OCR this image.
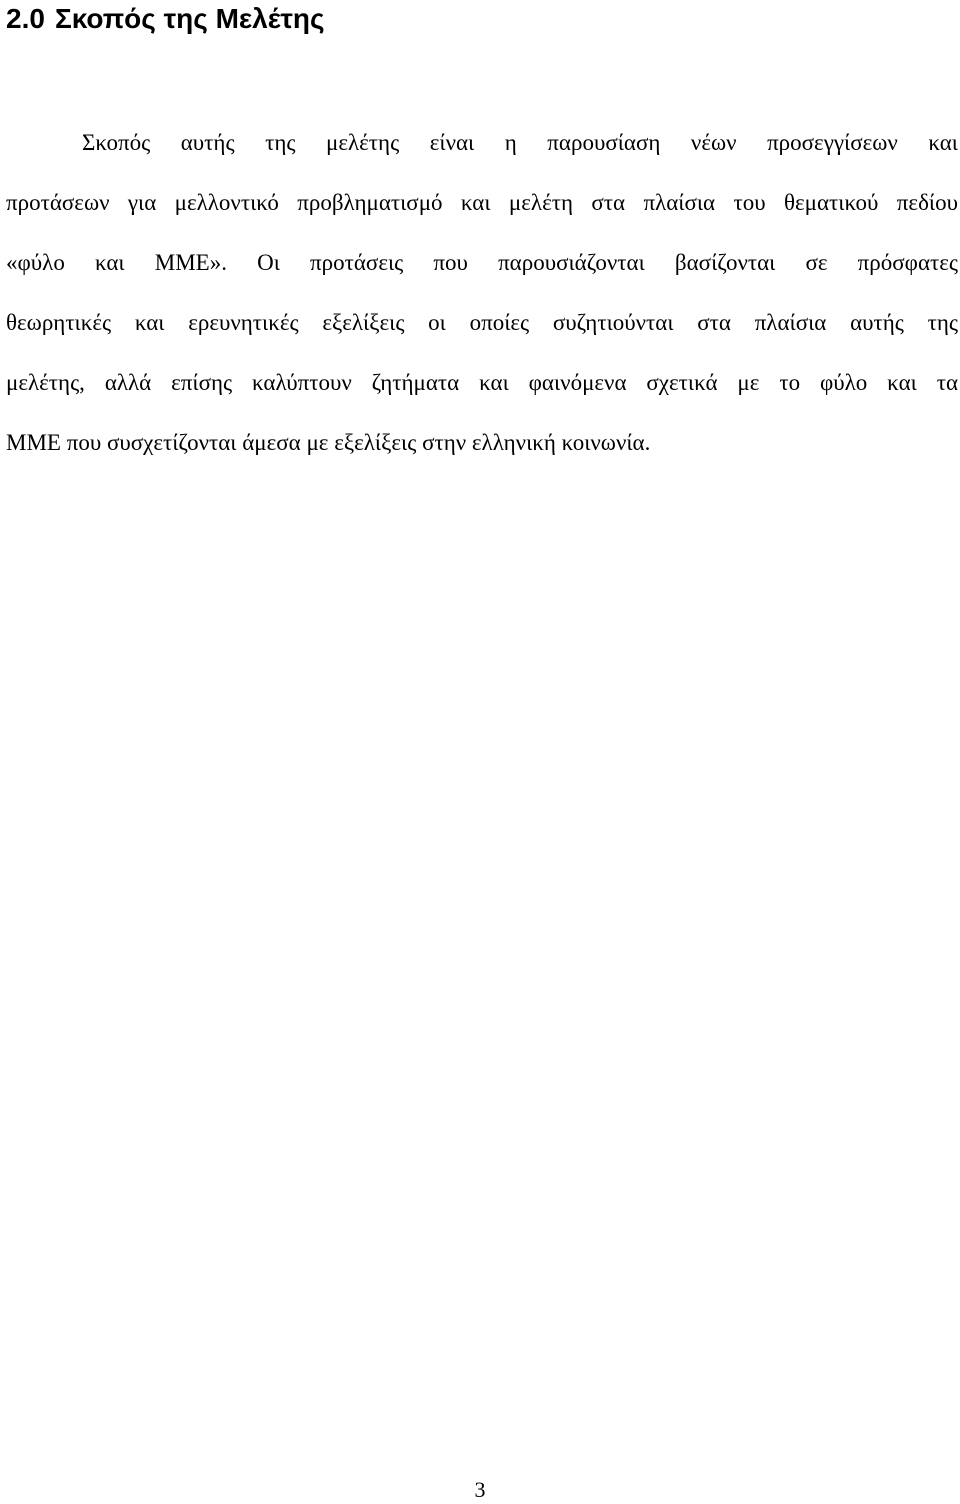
2.0 Σκοπός της Μελέτης

Σκοπός αυτής της μελέτης είναι η παρουσίαση νέων προσεγγίσεων και
προτάσεων για μελλοντικό προβληματισμό και μελέτη στα πλαίσια του θεματικού πεδίου
«φύλο και ΜΜΕ». Οι προτάσεις που παρουσιάζονται βασίζονται σε πρόσφατες
θεωρητικές και ερευνητικές εξελίξεις οι οποίες συζητιούνται στα πλαίσια αυτής της
μελέτης, αλλά επίσης καλύπτουν ζητήματα και φαινόμενα σχετικά με το φύλο και τα
ΜΜΕ που συσχετίζονται άμεσα με εξελίξεις στην ελληνική κοινωνία.

3
